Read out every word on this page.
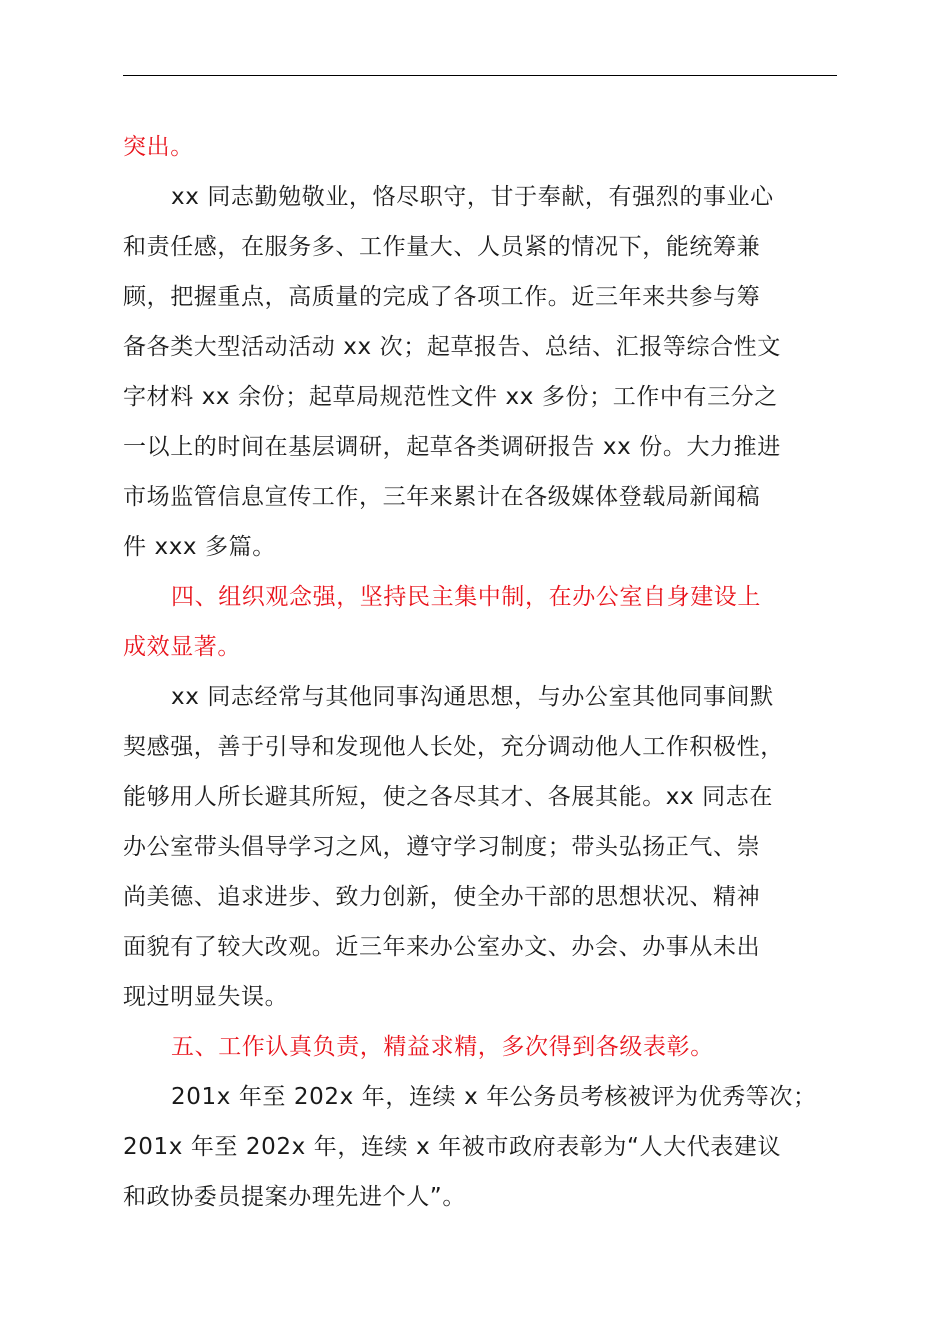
突出。
xx 同志勤勉敬业，恪尽职守，甘于奉献，有强烈的事业心
和责任感，在服务多、工作量大、人员紧的情况下，能统筹兼
顾，把握重点，高质量的完成了各项工作。近三年来共参与筹
备各类大型活动活动 xx 次；起草报告、总结、汇报等综合性文
字材料 xx 余份；起草局规范性文件 xx 多份；工作中有三分之
一以上的时间在基层调研，起草各类调研报告 xx 份。大力推进
市场监管信息宣传工作，三年来累计在各级媒体登载局新闻稿
件 xxx 多篇。
四、组织观念强，坚持民主集中制，在办公室自身建设上
成效显著。
xx 同志经常与其他同事沟通思想，与办公室其他同事间默
契感强，善于引导和发现他人长处，充分调动他人工作积极性，
能够用人所长避其所短，使之各尽其才、各展其能。xx 同志在
办公室带头倡导学习之风，遵守学习制度；带头弘扬正气、崇
尚美德、追求进步、致力创新，使全办干部的思想状况、精神
面貌有了较大改观。近三年来办公室办文、办会、办事从未出
现过明显失误。
五、工作认真负责，精益求精，多次得到各级表彰。
201x 年至 202x 年，连续 x 年公务员考核被评为优秀等次；
201x 年至 202x 年，连续 x 年被市政府表彰为“人大代表建议
和政协委员提案办理先进个人”。
